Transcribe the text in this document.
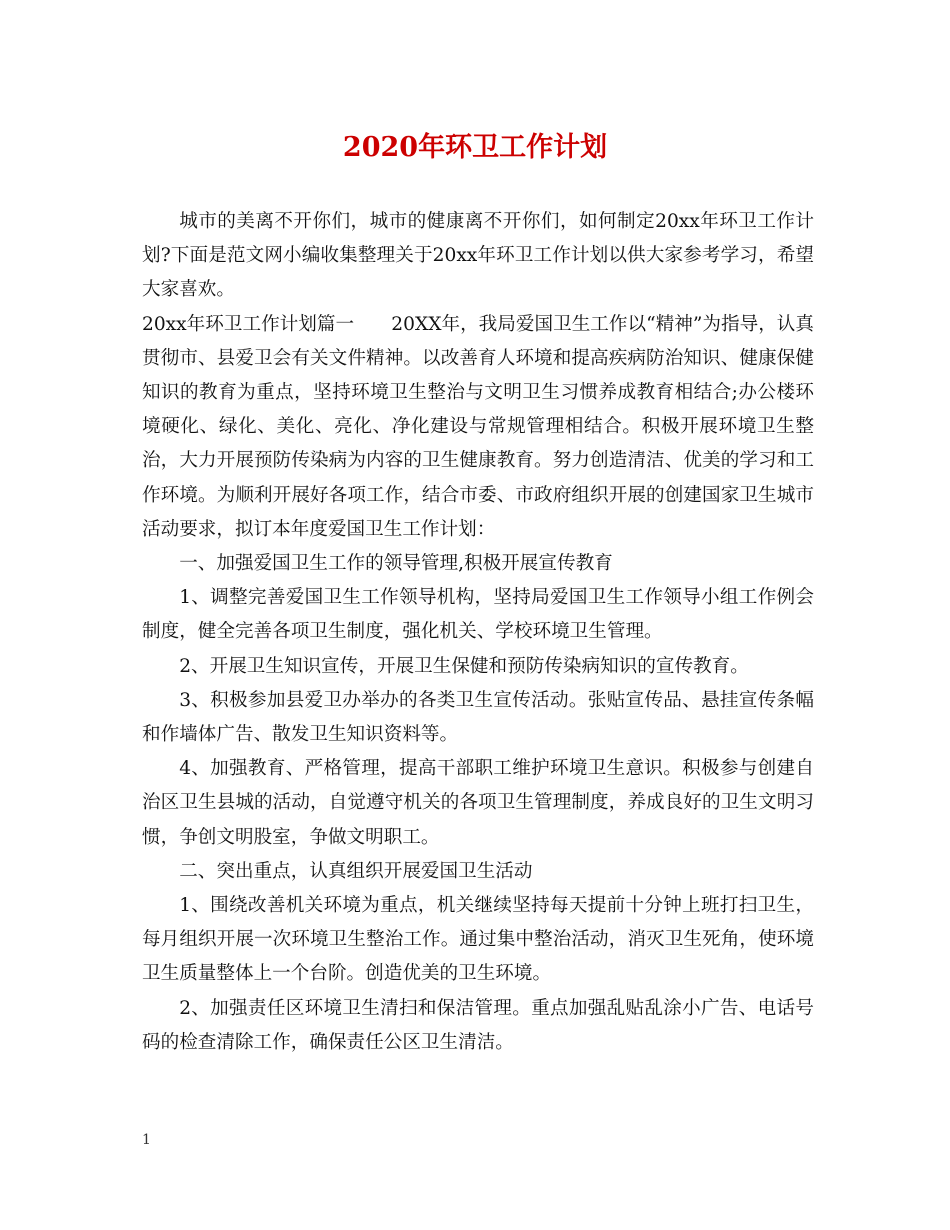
2020年环卫工作计划

城市的美离不开你们，城市的健康离不开你们，如何制定20xx年环卫工作计划?下面是范文网小编收集整理关于20xx年环卫工作计划以供大家参考学习，希望大家喜欢。

20xx年环卫工作计划篇一　　20XX年，我局爱国卫生工作以“精神”为指导，认真贯彻市、县爱卫会有关文件精神。以改善育人环境和提高疾病防治知识、健康保健知识的教育为重点，坚持环境卫生整治与文明卫生习惯养成教育相结合;办公楼环境硬化、绿化、美化、亮化、净化建设与常规管理相结合。积极开展环境卫生整治，大力开展预防传染病为内容的卫生健康教育。努力创造清洁、优美的学习和工作环境。为顺利开展好各项工作，结合市委、市政府组织开展的创建国家卫生城市活动要求，拟订本年度爱国卫生工作计划：

一、加强爱国卫生工作的领导管理,积极开展宣传教育

1、调整完善爱国卫生工作领导机构，坚持局爱国卫生工作领导小组工作例会制度，健全完善各项卫生制度，强化机关、学校环境卫生管理。

2、开展卫生知识宣传，开展卫生保健和预防传染病知识的宣传教育。

3、积极参加县爱卫办举办的各类卫生宣传活动。张贴宣传品、悬挂宣传条幅和作墙体广告、散发卫生知识资料等。

4、加强教育、严格管理，提高干部职工维护环境卫生意识。积极参与创建自治区卫生县城的活动，自觉遵守机关的各项卫生管理制度，养成良好的卫生文明习惯，争创文明股室，争做文明职工。

二、突出重点，认真组织开展爱国卫生活动

1、围绕改善机关环境为重点，机关继续坚持每天提前十分钟上班打扫卫生，每月组织开展一次环境卫生整治工作。通过集中整治活动，消灭卫生死角，使环境卫生质量整体上一个台阶。创造优美的卫生环境。

2、加强责任区环境卫生清扫和保洁管理。重点加强乱贴乱涂小广告、电话号码的检查清除工作，确保责任公区卫生清洁。

1
